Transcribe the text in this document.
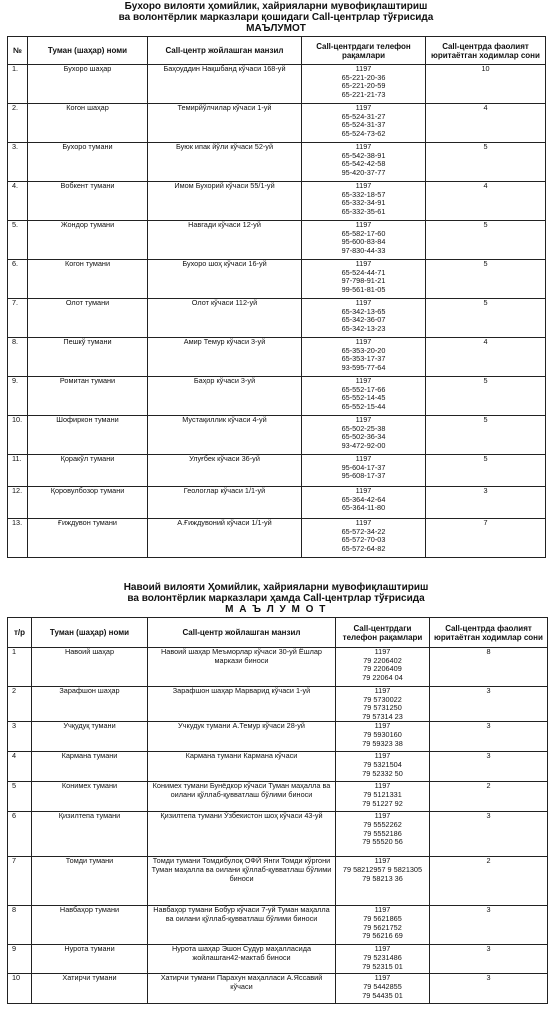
Бухоро вилояти ҳомийлик, хайрияларни мувофиқлаштириш
ва волонтёрлик марказлари қошидаги Call-центрлар тўғрисида
МАЪЛУМОТ
№	Туман (шаҳар) номи	Call-центр жойлашган манзил	Call-центрдаги телефон рақамлари	Call-центрда фаолият юритаётган ходимлар сони
1.	Бухоро шаҳар	Баҳоуддин Нақшбанд кўчаси 168-уй	1197
65-221-20-36
65-221-20-59
65-221-21-73	10
2.	Когон шаҳар	Темирйўлчилар кўчаси 1-уй	1197
65-524-31-27
65-524-31-37
65-524-73-62	4
3.	Бухоро тумани	Буюк ипак йўли кўчаси 52-уй	1197
65-542-38-91
65-542-42-58
95-420-37-77	5
4.	Вобкент тумани	Имом Бухорий кўчаси 55/1-уй	1197
65-332-18-57
65-332-34-91
65-332-35-61	4
5.	Жондор тумани	Навгади кўчаси 12-уй	1197
65-582-17-60
95-600-83-84
97-830-44-33	5
6.	Когон тумани	Бухоро шоҳ кўчаси 16-уй	1197
65-524-44-71
97-798-91-21
99-561-81-05	5
7.	Олот тумани	Олот кўчаси 112-уй	1197
65-342-13-65
65-342-36-07
65-342-13-23	5
8.	Пешкў тумани	Амир Темур кўчаси 3-уй	1197
65-353-20-20
65-353-17-37
93-595-77-64	4
9.	Ромитан тумани	Баҳор кўчаси 3-уй	1197
65-552-17-66
65-552-14-45
65-552-15-44	5
10.	Шофиркон тумани	Мустақиллик кўчаси 4-уй	1197
65-502-25-38
65-502-36-34
93-472-92-00	5
11.	Қоракўл тумани	Улуғбек кўчаси 36-уй	1197
95-604-17-37
95-608-17-37	5
12.	Қоровулбозор тумани	Геологлар кўчаси 1/1-уй	1197
65-364-42-64
65-364-11-80	3
13.	Ғиждувон тумани	А.Ғиждувоний кўчаси 1/1-уй	1197
65-572-34-22
65-572-70-03
65-572-64-82	7
Навоий вилояти Ҳомийлик, хайрияларни мувофиқлаштириш
ва волонтёрлик марказлари ҳамда Call-центрлар тўғрисида
М А Ъ Л У М О Т
т/р	Туман (шаҳар) номи	Call-центр жойлашган манзил	Call-центрдаги телефон рақамлари	Call-центрда фаолият юритаётган ходимлар сони
1	Навоий шаҳар	Навоий шаҳар Меъморлар кўчаси 30-уй Ёшлар маркази биноси	1197
79 2206402
79 2206409
79 22064 04	8
2	Зарафшон шаҳар	Зарафшон шаҳар Марварид кўчаси 1-уй	1197
79 5730022
79 5731250
79 57314 23	3
3	Учқудуқ тумани	Учкудук тумани А.Темур кўчаси 28-уй	1197
79 5930160
79 59323 38	3
4	Кармана тумани	Кармана тумани Кармана кўчаси	1197
79 5321504
79 52332 50	3
5	Конимех тумани	Конимех тумани Бунёдкор кўчаси Туман маҳалла ва оилани қўллаб-қувватлаш бўлими биноси	1197
79 5121331
79 51227 92	2
6	Қизилтепа тумани	Қизилтепа тумани Ўзбекистон шоҳ кўчаси 43-уй	1197
79 5552262
79 5552186
79 55520 56	3
7	Томди тумани	Томди тумани Томдибулоқ ОФЙ Янги Томди кўргони Туман маҳалла ва оилани қўллаб-қувватлаш бўлими биноси	1197
79 58212957 9 5821305
79 58213 36	2
8	Навбаҳор тумани	Навбаҳор тумани Бобур кўчаси 7-уй Туман маҳалла ва оилани қўллаб-қувватлаш бўлими биноси	1197
79 5621865
79 5621752
79 56216 69	3
9	Нурота тумани	Нурота шаҳар Эшон Судур маҳалласида жойлашган42-мактаб биноси	1197
79 5231486
79 52315 01	3
10	Хатирчи тумани	Хатирчи тумани Парахун маҳалласи А.Яссавий кўчаси	1197
79 5442855
79 54435 01	3
